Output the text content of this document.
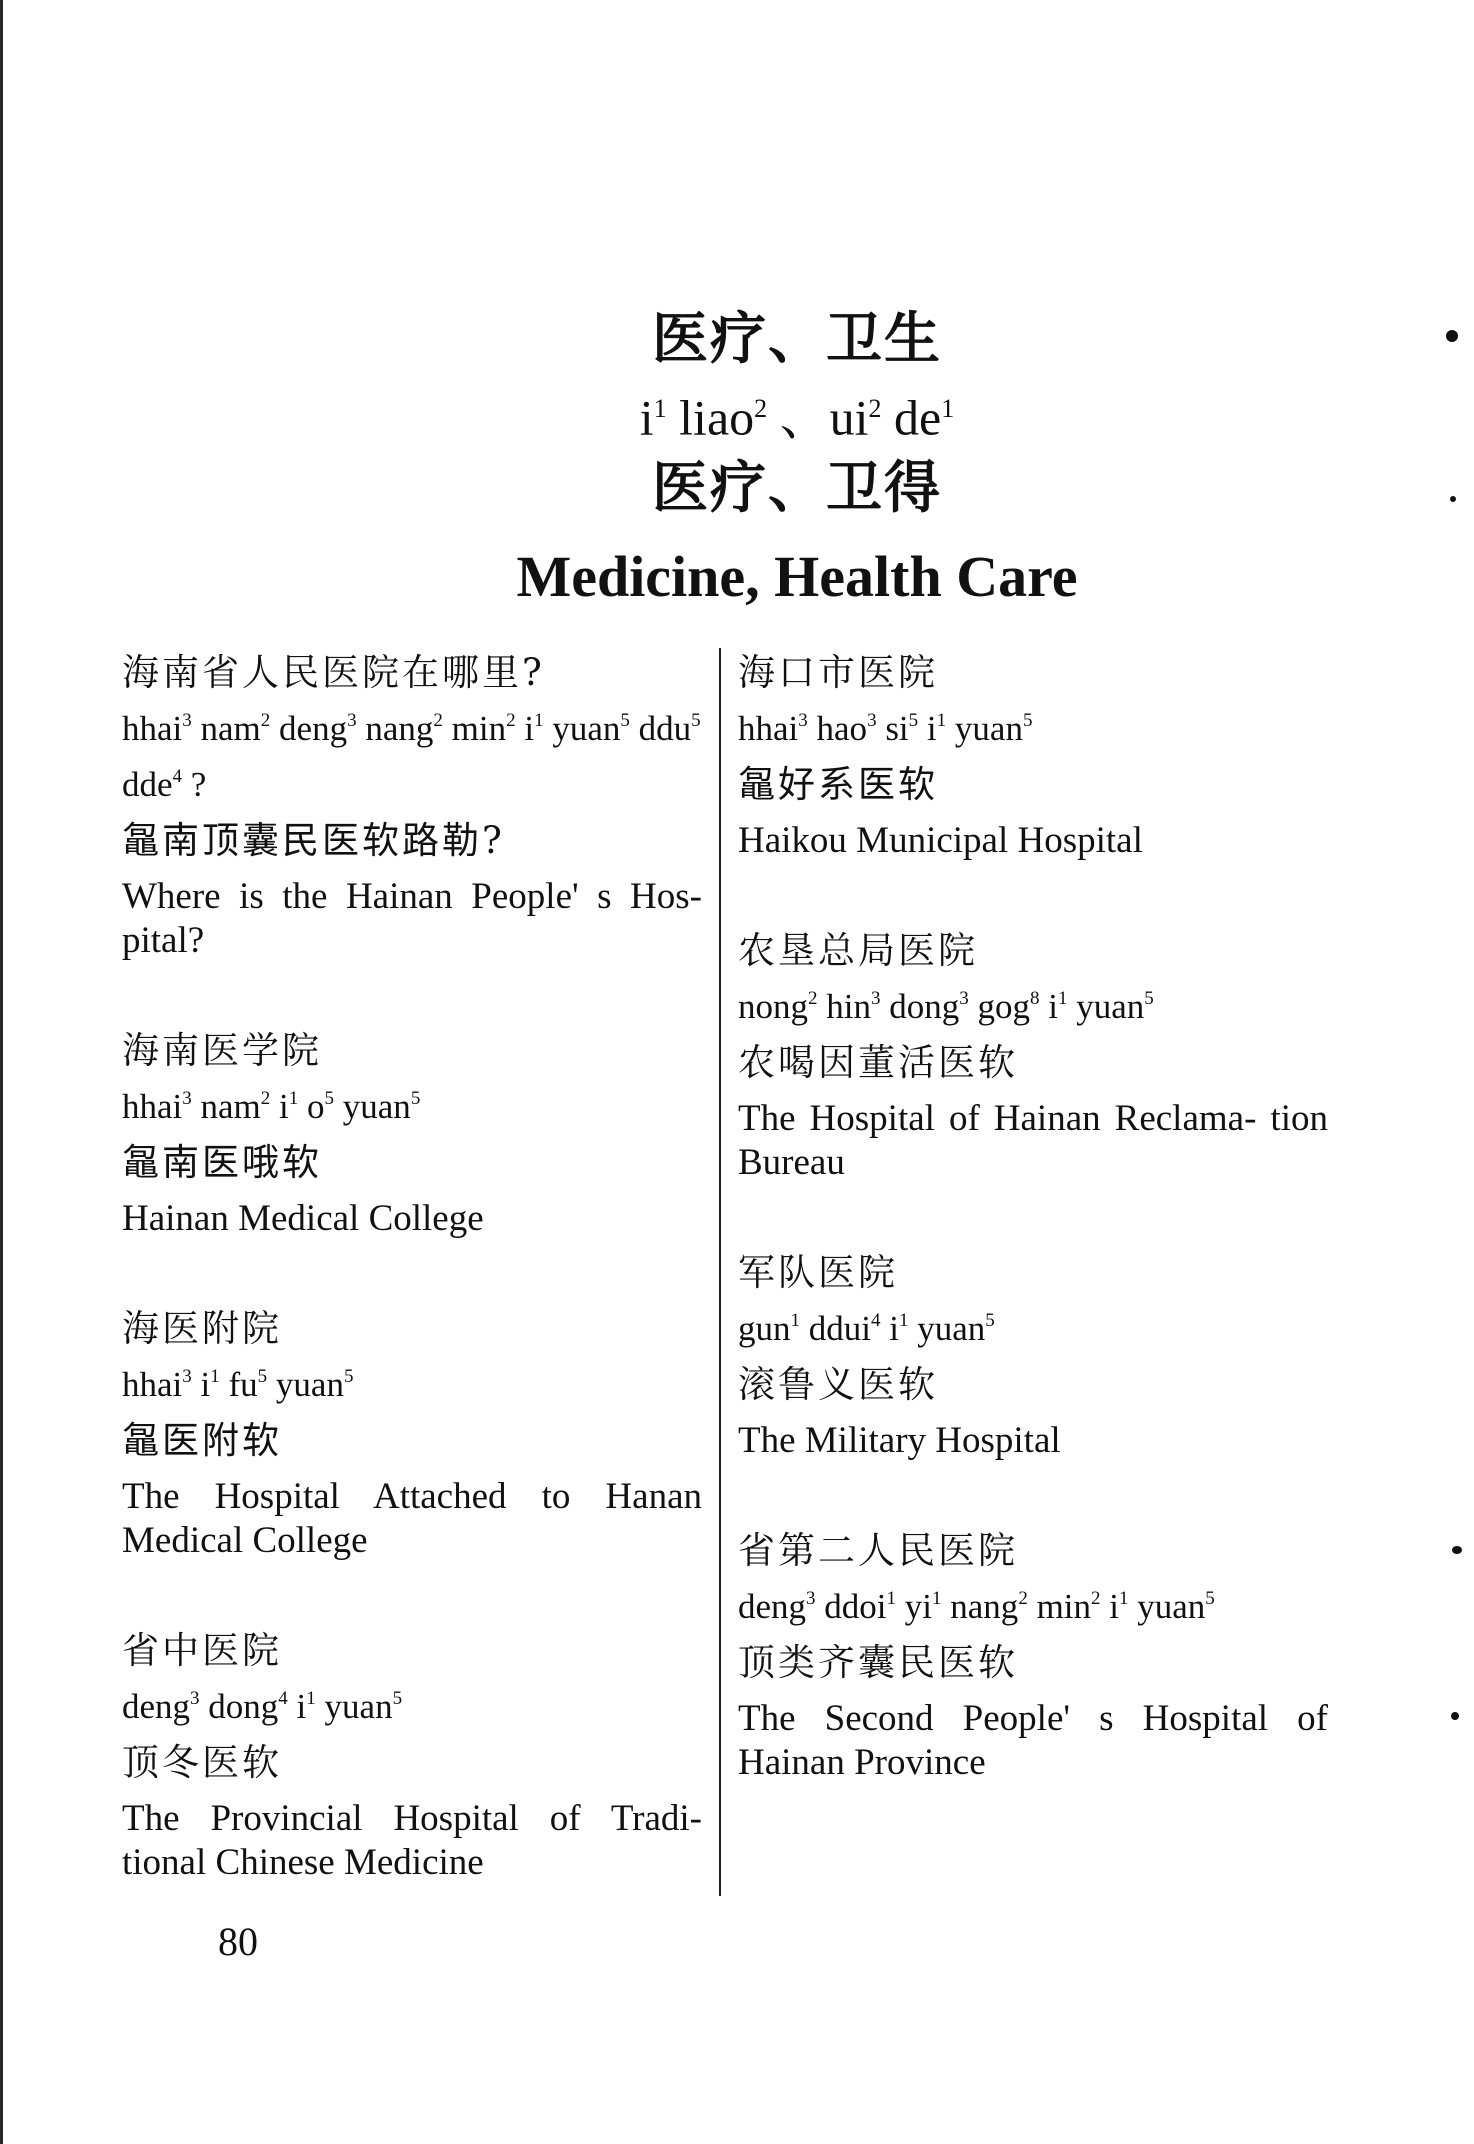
医疗、卫生
$i^1$ liao$^2$ 、$ui^2$ $de^1$
医疗、卫得
Medicine, Health Care
海南省人民医院在哪里?
hhai$^3$ nam$^2$ deng$^3$ nang$^2$ $\min^2 i^1$ yuan$^5$ ddu$^5$ dde$^4$ ?
𪓟南顶囊民医软路勒?
Where is the Hainan People' s Hos- pital?
海南医学院
hhai$^3$ nam$^2$ $i^1$ $o^5$ yuan$^5$
𪓟南医哦软
Hainan Medical College
海医附院
hhai$^3$ $i^1$ $fu^5$ yuan$^5$
𪓟医附软
The Hospital Attached to Hanan Medical College
省中医院
deng$^3$ dong$^4$ $i^1$ yuan$^5$
顶冬医软
The Provincial Hospital of Tradi- tional Chinese Medicine
海口市医院
hhai$^3$ hao$^3$ $si^5$ $i^1$ yuan$^5$
𪓟好系医软
Haikou Municipal Hospital
农垦总局医院
nong$^2$ hin$^3$ dong$^3$ gog$^8$ $i^1$ yuan$^5$
农喝因董活医软
The Hospital of Hainan Reclama- tion Bureau
军队医院
gun$^1$ ddui$^4$ $i^1$ yuan$^5$
滚鲁义医软
The Military Hospital
省第二人民医院
deng$^3$ ddoi$^1$ $yi^1$ nang$^2$ $\min^2 i^1$ yuan$^5$
顶类齐囊民医软
The Second People' s Hospital of Hainan Province
80
